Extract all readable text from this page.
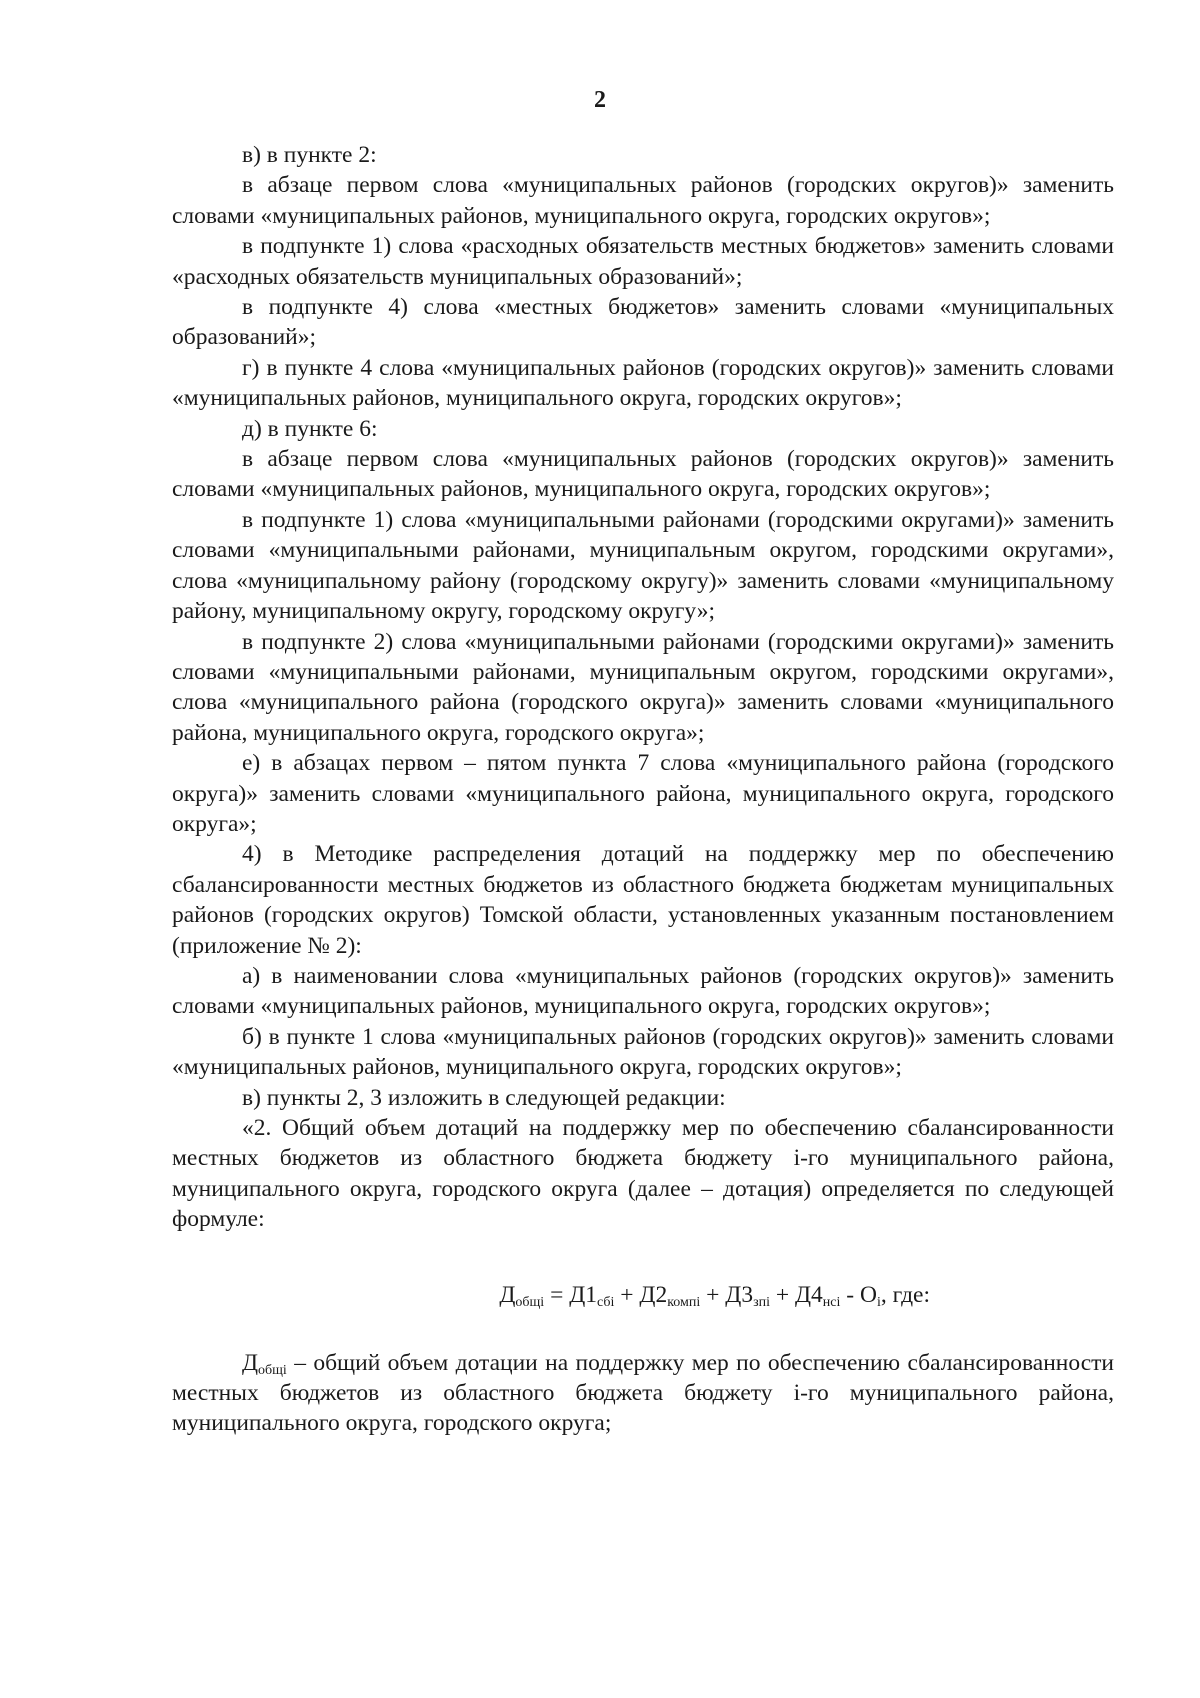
2

в) в пункте 2:

в абзаце первом слова «муниципальных районов (городских округов)» заменить словами «муниципальных районов, муниципального округа, городских округов»;

в подпункте 1) слова «расходных обязательств местных бюджетов» заменить словами «расходных обязательств муниципальных образований»;

в подпункте 4) слова «местных бюджетов» заменить словами «муниципальных образований»;

г) в пункте 4 слова «муниципальных районов (городских округов)» заменить словами «муниципальных районов, муниципального округа, городских округов»;

д) в пункте 6:

в абзаце первом слова «муниципальных районов (городских округов)» заменить словами «муниципальных районов, муниципального округа, городских округов»;

в подпункте 1) слова «муниципальными районами (городскими округами)» заменить словами «муниципальными районами, муниципальным округом, городскими округами», слова «муниципальному району (городскому округу)» заменить словами «муниципальному району, муниципальному округу, городскому округу»;

в подпункте 2) слова «муниципальными районами (городскими округами)» заменить словами «муниципальными районами, муниципальным округом, городскими округами», слова «муниципального района (городского округа)» заменить словами «муниципального района, муниципального округа, городского округа»;

е) в абзацах первом – пятом пункта 7 слова «муниципального района (городского округа)» заменить словами «муниципального района, муниципального округа, городского округа»;

4) в Методике распределения дотаций на поддержку мер по обеспечению сбалансированности местных бюджетов из областного бюджета бюджетам муниципальных районов (городских округов) Томской области, установленных указанным постановлением (приложение № 2):

а) в наименовании слова «муниципальных районов (городских округов)» заменить словами «муниципальных районов, муниципального округа, городских округов»;

б) в пункте 1 слова «муниципальных районов (городских округов)» заменить словами «муниципальных районов, муниципального округа, городских округов»;

в) пункты 2, 3 изложить в следующей редакции:

«2. Общий объем дотаций на поддержку мер по обеспечению сбалансированности местных бюджетов из областного бюджета бюджету i-го муниципального района, муниципального округа, городского округа (далее – дотация) определяется по следующей формуле:

$Д_{общi} = Д1_{сбi} + Д2_{компi} + Д3_{зпi} + Д4_{нсi} - О_i$, где:

$Д_{общi}$ – общий объем дотации на поддержку мер по обеспечению сбалансированности местных бюджетов из областного бюджета бюджету i-го муниципального района, муниципального округа, городского округа;
